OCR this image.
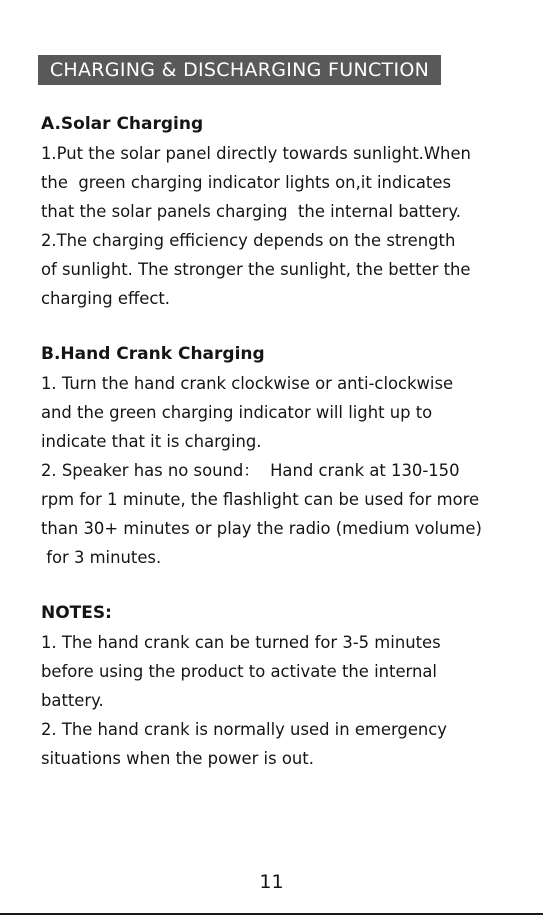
CHARGING & DISCHARGING FUNCTION

A.Solar Charging

1.Put the solar panel directly towards sunlight.When

the  green charging indicator lights on,it indicates

that the solar panels charging  the internal battery.

2.The charging efficiency depends on the strength

of sunlight. The stronger the sunlight, the better the

charging effect.

B.Hand Crank Charging

1. Turn the hand crank clockwise or anti-clockwise

and the green charging indicator will light up to

indicate that it is charging.

2. Speaker has no sound：  Hand crank at 130-150

rpm for 1 minute, the flashlight can be used for more

than 30+ minutes or play the radio (medium volume)

for 3 minutes.

NOTES:

1. The hand crank can be turned for 3-5 minutes

before using the product to activate the internal

battery.

2. The hand crank is normally used in emergency

situations when the power is out.

11
